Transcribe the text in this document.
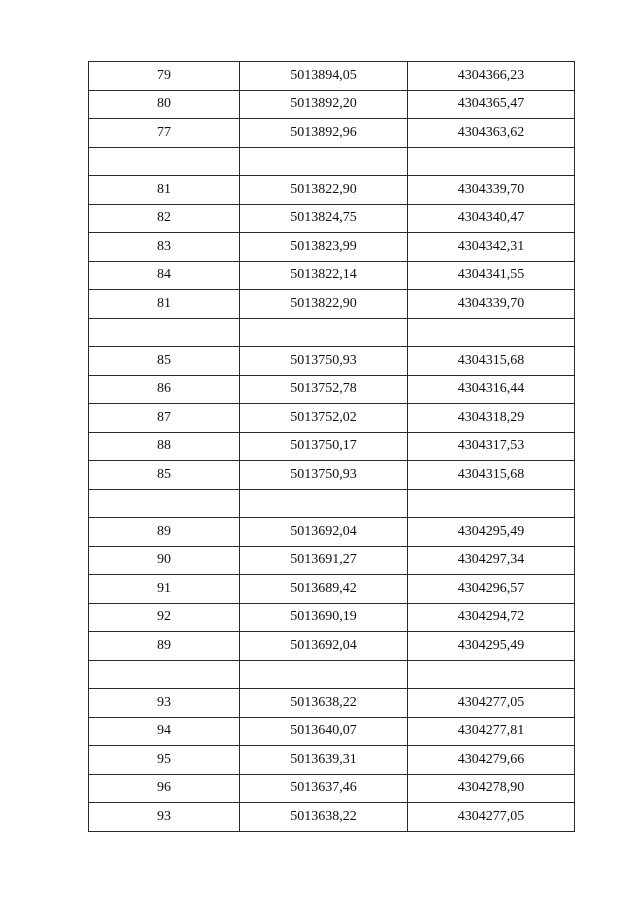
79	5013894,05	4304366,23
80	5013892,20	4304365,47
77	5013892,96	4304363,62

81	5013822,90	4304339,70
82	5013824,75	4304340,47
83	5013823,99	4304342,31
84	5013822,14	4304341,55
81	5013822,90	4304339,70

85	5013750,93	4304315,68
86	5013752,78	4304316,44
87	5013752,02	4304318,29
88	5013750,17	4304317,53
85	5013750,93	4304315,68

89	5013692,04	4304295,49
90	5013691,27	4304297,34
91	5013689,42	4304296,57
92	5013690,19	4304294,72
89	5013692,04	4304295,49

93	5013638,22	4304277,05
94	5013640,07	4304277,81
95	5013639,31	4304279,66
96	5013637,46	4304278,90
93	5013638,22	4304277,05
